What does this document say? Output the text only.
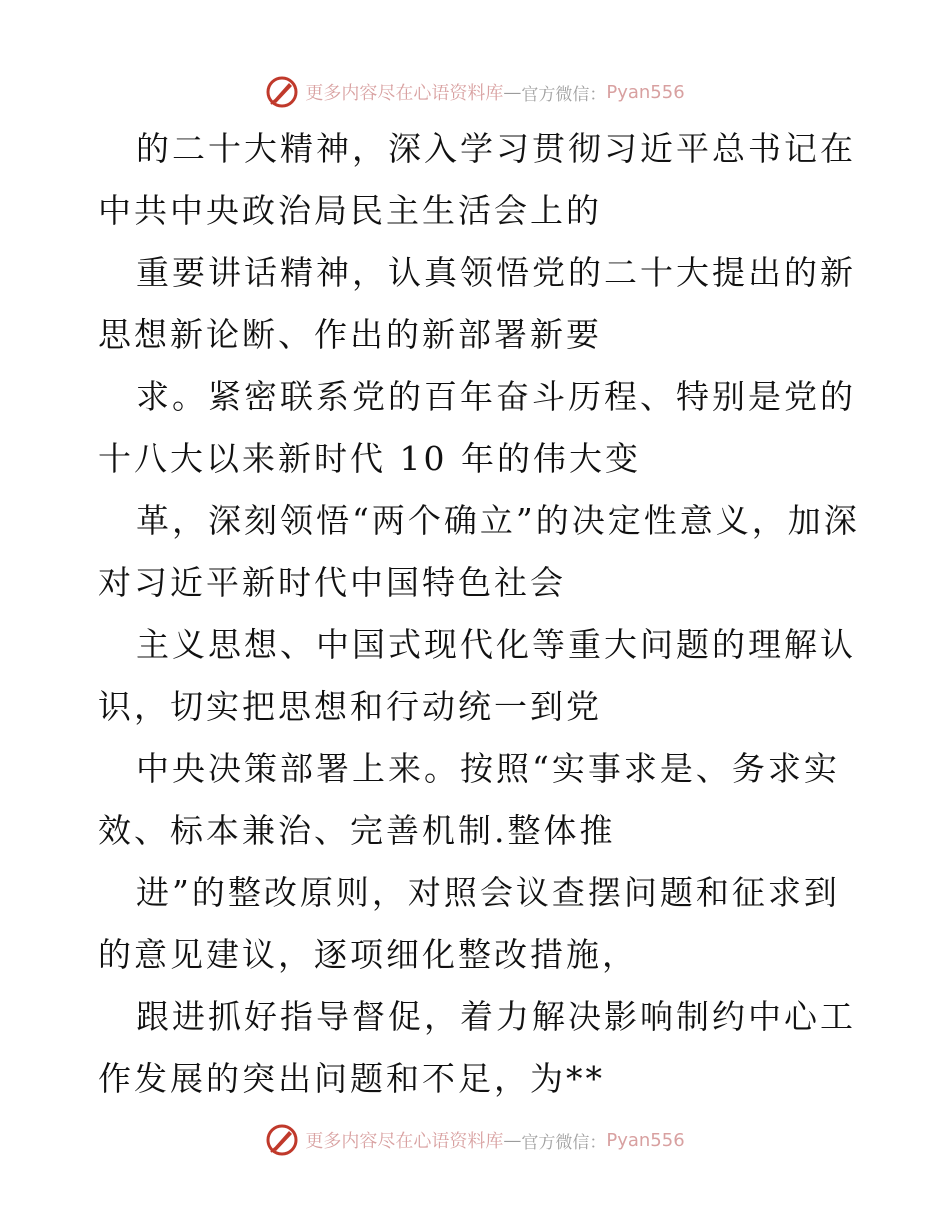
更多内容尽在心语资料库 — 官方微信： Pyan556

的二十大精神，深入学习贯彻习近平总书记在中共中央政治局民主生活会上的

重要讲话精神，认真领悟党的二十大提出的新思想新论断、作出的新部署新要

求。紧密联系党的百年奋斗历程、特别是党的十八大以来新时代 10 年的伟大变

革，深刻领悟“两个确立”的决定性意义，加深对习近平新时代中国特色社会

主义思想、中国式现代化等重大问题的理解认识，切实把思想和行动统一到党

中央决策部署上来。按照“实事求是、务求实效、标本兼治、完善机制.整体推

进”的整改原则，对照会议查摆问题和征求到的意见建议，逐项细化整改措施，

跟进抓好指导督促，着力解决影响制约中心工作发展的突出问题和不足，为**

更多内容尽在心语资料库 — 官方微信： Pyan556
